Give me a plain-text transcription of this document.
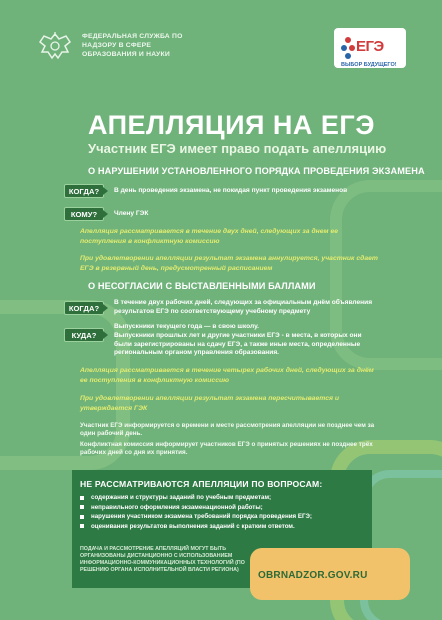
ФЕДЕРАЛЬНАЯ СЛУЖБА ПО НАДЗОРУ В СФЕРЕ ОБРАЗОВАНИЯ И НАУКИ	ЕГЭ
ВЫБОР БУДУЩЕГО!
АПЕЛЛЯЦИЯ НА ЕГЭ
Участник ЕГЭ имеет право подать апелляцию
О НАРУШЕНИИ УСТАНОВЛЕННОГО ПОРЯДКА ПРОВЕДЕНИЯ ЭКЗАМЕНА
КОГДА?	В день проведения экзамена, не покидая пункт проведения экзаменов
КОМУ?	Члену ГЭК
Апелляция рассматривается в течение двух дней, следующих за днем ее поступления в конфликтную комиссию
При удовлетворении апелляции результат экзамена аннулируется, участник сдает ЕГЭ в резервный день, предусмотренный расписанием
О НЕСОГЛАСИИ С ВЫСТАВЛЕННЫМИ БАЛЛАМИ
КОГДА?
В течение двух рабочих дней, следующих за официальным днём объявления результатов ЕГЭ по соответствующему учебному предмету
КУДА?
Выпускники текущего года — в свою школу.
Выпускники прошлых лет и другие участники ЕГЭ - в места, в которых они были зарегистрированы на сдачу ЕГЭ, а также иные места, определенные региональным органом управления образования.
Апелляция рассматривается в течение четырех рабочих дней, следующих за днём ее поступления в конфликтную комиссию
При удовлетворении апелляции результат экзамена пересчитывается и утверждается ГЭК
Участник ЕГЭ информируется о времени и месте рассмотрения апелляции не позднее чем за один рабочий день.
Конфликтная комиссия информирует участников ЕГЭ о принятых решениях не позднее трёх рабочих дней со дня их принятия.
НЕ РАССМАТРИВАЮТСЯ АПЕЛЛЯЦИИ ПО ВОПРОСАМ:
содержания и структуры заданий по учебным предметам;
неправильного оформления экзаменационной работы;
нарушения участником экзамена требований порядка проведения ЕГЭ;
оценивания результатов выполнения заданий с кратким ответом.
ПОДАЧА И РАССМОТРЕНИЕ АПЕЛЛЯЦИЙ МОГУТ БЫТЬ ОРГАНИЗОВАНЫ ДИСТАНЦИОННО С ИСПОЛЬЗОВАНИЕМ ИНФОРМАЦИОННО-КОММУНИКАЦИОННЫХ ТЕХНОЛОГИЙ (ПО РЕШЕНИЮ ОРГАНА ИСПОЛНИТЕЛЬНОЙ ВЛАСТИ РЕГИОНА)	OBRNADZOR.GOV.RU
